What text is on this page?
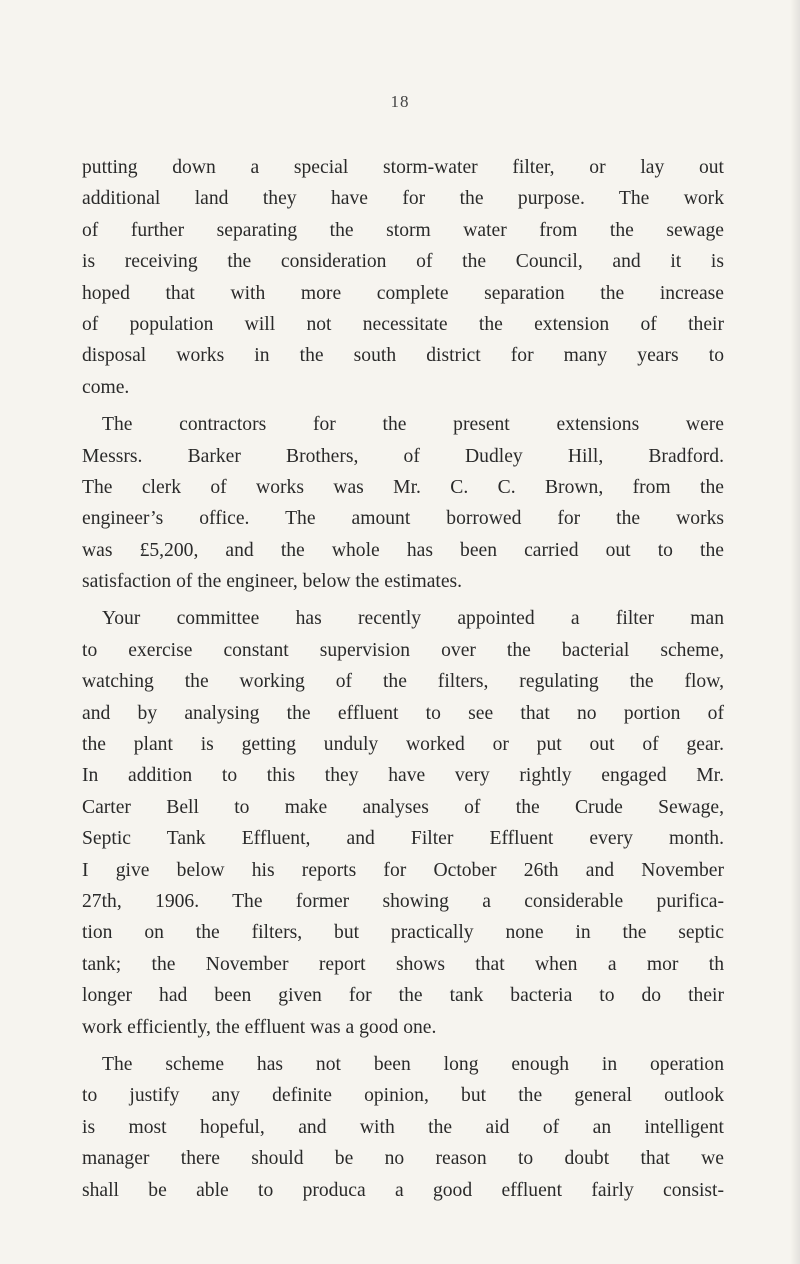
18
putting down a special storm-water filter, or lay out
additional land they have for the purpose. The work
of further separating the storm water from the sewage
is receiving the consideration of the Council, and it is
hoped that with more complete separation the increase
of population will not necessitate the extension of their
disposal works in the south district for many years to
come.
The contractors for the present extensions were
Messrs. Barker Brothers, of Dudley Hill, Bradford.
The clerk of works was Mr. C. C. Brown, from the
engineer’s office. The amount borrowed for the works
was £5,200, and the whole has been carried out to the
satisfaction of the engineer, below the estimates.
Your committee has recently appointed a filter man
to exercise constant supervision over the bacterial scheme,
watching the working of the filters, regulating the flow,
and by analysing the effluent to see that no portion of
the plant is getting unduly worked or put out of gear.
In addition to this they have very rightly engaged Mr.
Carter Bell to make analyses of the Crude Sewage,
Septic Tank Effluent, and Filter Effluent every month.
I give below his reports for October 26th and November
27th, 1906. The former showing a considerable purifica-
tion on the filters, but practically none in the septic
tank; the November report shows that when a mor th
longer had been given for the tank bacteria to do their
work efficiently, the effluent was a good one.
The scheme has not been long enough in operation
to justify any definite opinion, but the general outlook
is most hopeful, and with the aid of an intelligent
manager there should be no reason to doubt that we
shall be able to produca a good effluent fairly consist-
